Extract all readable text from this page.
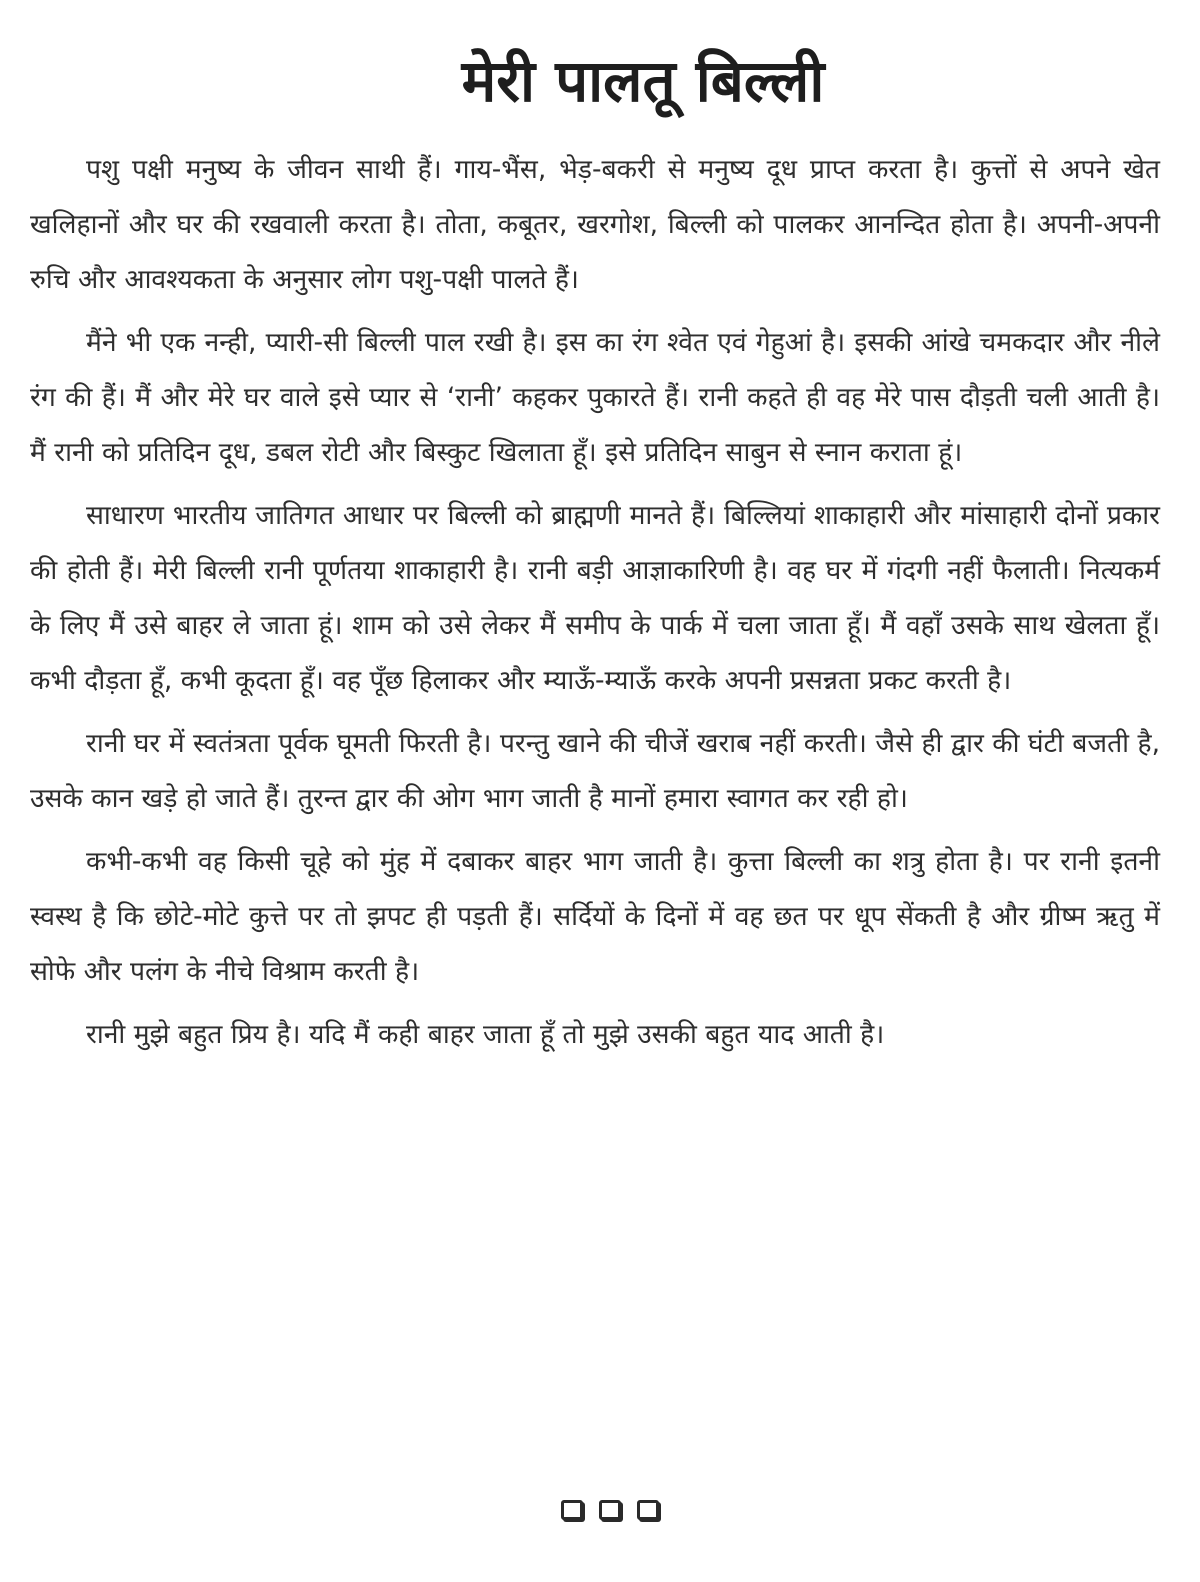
मेरी पालतू बिल्ली

पशु पक्षी मनुष्य के जीवन साथी हैं। गाय-भैंस, भेड़-बकरी से मनुष्य दूध प्राप्त करता है। कुत्तों से अपने खेत खलिहानों और घर की रखवाली करता है। तोता, कबूतर, खरगोश, बिल्ली को पालकर आनन्दित होता है। अपनी-अपनी रुचि और आवश्यकता के अनुसार लोग पशु-पक्षी पालते हैं।

मैंने भी एक नन्ही, प्यारी-सी बिल्ली पाल रखी है। इस का रंग श्वेत एवं गेहुआं है। इसकी आंखे चमकदार और नीले रंग की हैं। मैं और मेरे घर वाले इसे प्यार से ‘रानी’ कहकर पुकारते हैं। रानी कहते ही वह मेरे पास दौड़ती चली आती है। मैं रानी को प्रतिदिन दूध, डबल रोटी और बिस्कुट खिलाता हूँ। इसे प्रतिदिन साबुन से स्नान कराता हूं।

साधारण भारतीय जातिगत आधार पर बिल्ली को ब्राह्मणी मानते हैं। बिल्लियां शाकाहारी और मांसाहारी दोनों प्रकार की होती हैं। मेरी बिल्ली रानी पूर्णतया शाकाहारी है। रानी बड़ी आज्ञाकारिणी है। वह घर में गंदगी नहीं फैलाती। नित्यकर्म के लिए मैं उसे बाहर ले जाता हूं। शाम को उसे लेकर मैं समीप के पार्क में चला जाता हूँ। मैं वहाँ उसके साथ खेलता हूँ। कभी दौड़ता हूँ, कभी कूदता हूँ। वह पूँछ हिलाकर और म्याऊँ-म्याऊँ करके अपनी प्रसन्नता प्रकट करती है।

रानी घर में स्वतंत्रता पूर्वक घूमती फिरती है। परन्तु खाने की चीजें खराब नहीं करती। जैसे ही द्वार की घंटी बजती है, उसके कान खड़े हो जाते हैं। तुरन्त द्वार की ओग भाग जाती है मानों हमारा स्वागत कर रही हो।

कभी-कभी वह किसी चूहे को मुंह में दबाकर बाहर भाग जाती है। कुत्ता बिल्ली का शत्रु होता है। पर रानी इतनी स्वस्थ है कि छोटे-मोटे कुत्ते पर तो झपट ही पड़ती हैं। सर्दियों के दिनों में वह छत पर धूप सेंकती है और ग्रीष्म ऋतु में सोफे और पलंग के नीचे विश्राम करती है।

रानी मुझे बहुत प्रिय है। यदि मैं कही बाहर जाता हूँ तो मुझे उसकी बहुत याद आती है।
